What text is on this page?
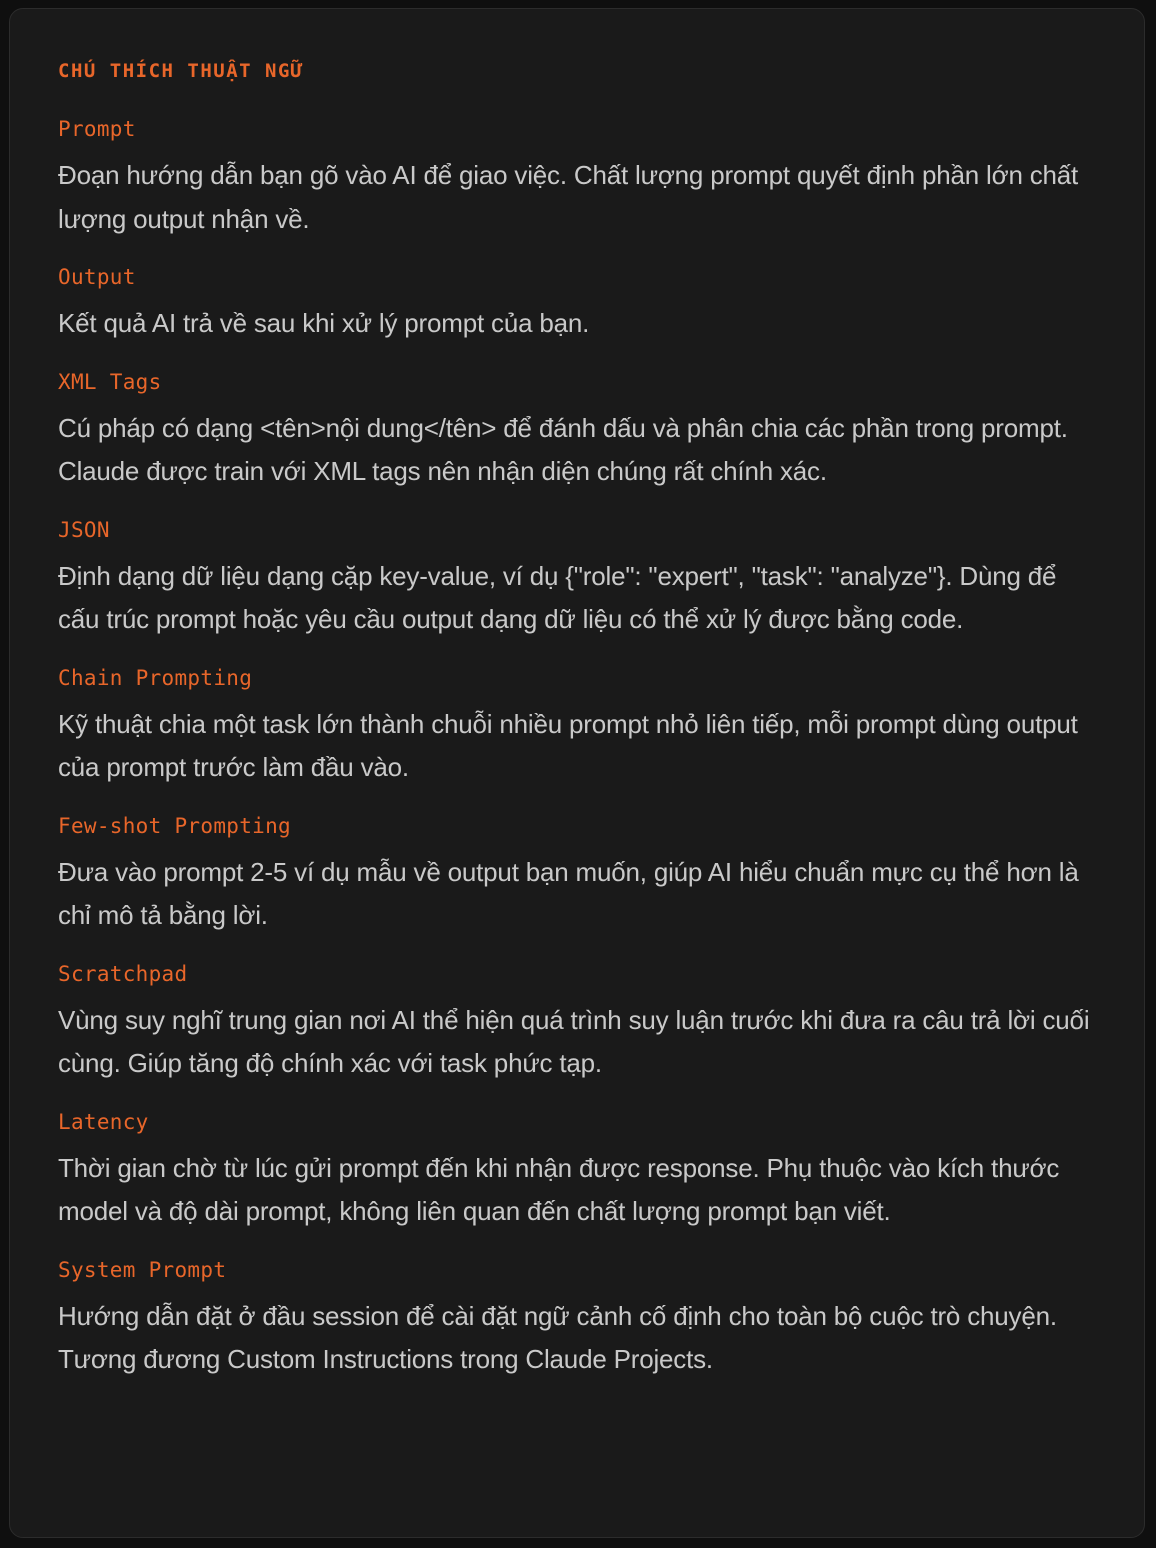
CHÚ THÍCH THUẬT NGỮ
Prompt
Đoạn hướng dẫn bạn gõ vào AI để giao việc. Chất lượng prompt quyết định phần lớn chất lượng output nhận về.
Output
Kết quả AI trả về sau khi xử lý prompt của bạn.
XML Tags
Cú pháp có dạng <tên>nội dung</tên> để đánh dấu và phân chia các phần trong prompt. Claude được train với XML tags nên nhận diện chúng rất chính xác.
JSON
Định dạng dữ liệu dạng cặp key-value, ví dụ {"role": "expert", "task": "analyze"}. Dùng để cấu trúc prompt hoặc yêu cầu output dạng dữ liệu có thể xử lý được bằng code.
Chain Prompting
Kỹ thuật chia một task lớn thành chuỗi nhiều prompt nhỏ liên tiếp, mỗi prompt dùng output của prompt trước làm đầu vào.
Few-shot Prompting
Đưa vào prompt 2-5 ví dụ mẫu về output bạn muốn, giúp AI hiểu chuẩn mực cụ thể hơn là chỉ mô tả bằng lời.
Scratchpad
Vùng suy nghĩ trung gian nơi AI thể hiện quá trình suy luận trước khi đưa ra câu trả lời cuối cùng. Giúp tăng độ chính xác với task phức tạp.
Latency
Thời gian chờ từ lúc gửi prompt đến khi nhận được response. Phụ thuộc vào kích thước model và độ dài prompt, không liên quan đến chất lượng prompt bạn viết.
System Prompt
Hướng dẫn đặt ở đầu session để cài đặt ngữ cảnh cố định cho toàn bộ cuộc trò chuyện. Tương đương Custom Instructions trong Claude Projects.
